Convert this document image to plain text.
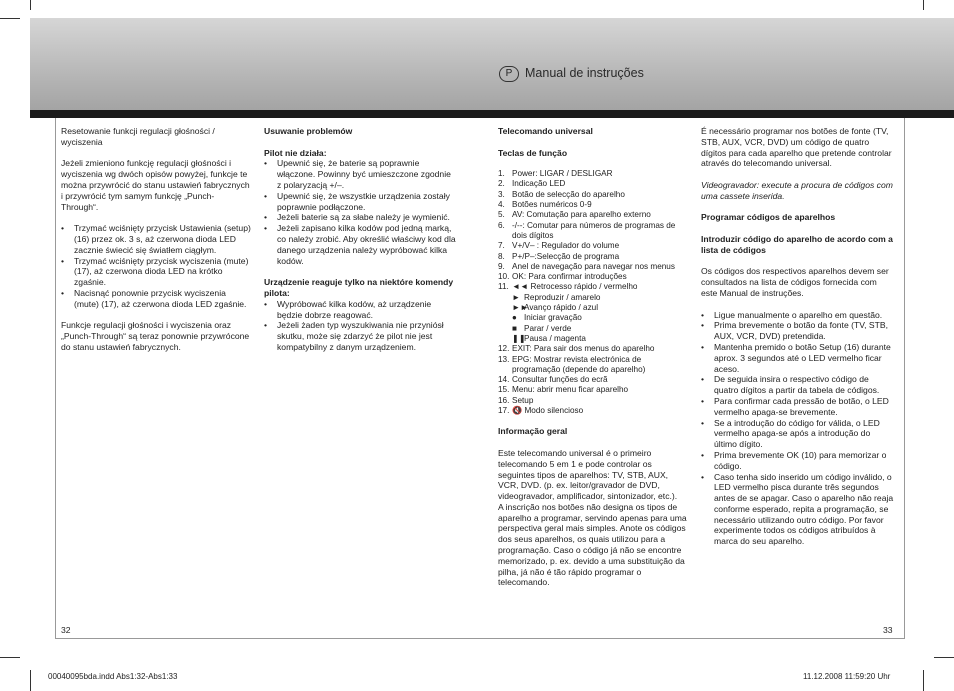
P	Manual de instruções

Resetowanie funkcji regulacji głośności / wyciszenia

Jeżeli zmieniono funkcję regulacji głośności i wyciszenia wg dwóch opisów powyżej, funkcje te można przywrócić do stanu ustawień fabrycznych i przywrócić tym samym funkcję „Punch-Through“.

• Trzymać wciśnięty przycisk Ustawienia (setup) (16) przez ok. 3 s, aż czerwona dioda LED zacznie świecić się światłem ciągłym.
• Trzymać wciśnięty przycisk wyciszenia (mute) (17), aż czerwona dioda LED na krótko zgaśnie.
• Nacisnąć ponownie przycisk wyciszenia (mute) (17), aż czerwona dioda LED zgaśnie.

Funkcje regulacji głośności i wyciszenia oraz „Punch-Through“ są teraz ponownie przywrócone do stanu ustawień fabrycznych.

Usuwanie problemów

Pilot nie działa:

• Upewnić się, że baterie są poprawnie włączone. Powinny być umieszczone zgodnie z polaryzacją +/–.
• Upewnić się, że wszystkie urządzenia zostały poprawnie podłączone.
• Jeżeli baterie są za słabe należy je wymienić.
• Jeżeli zapisano kilka kodów pod jedną marką, co należy zrobić. Aby określić właściwy kod dla danego urządzenia należy wypróbować kilka kodów.

Urządzenie reaguje tylko na niektóre komendy pilota:

• Wypróbować kilka kodów, aż urządzenie będzie dobrze reagować.
• Jeżeli żaden typ wyszukiwania nie przyniósł skutku, może się zdarzyć że pilot nie jest kompatybilny z danym urządzeniem.
32

Telecomando universal

Teclas de função

1. Power: LIGAR / DESLIGAR
2. Indicação LED
3. Botão de selecção do aparelho
4. Botões numéricos 0-9
5. AV: Comutação para aparelho externo
6. -/--: Comutar para números de programas de dois dígitos
7. V+/V– : Regulador do volume
8. P+/P–:Selecção de programa
9. Anel de navegação para navegar nos menus
10. OK: Para confirmar introduções
11. ◄◄ Retrocesso rápido / vermelho
► Reproduzir / amarelo
►►Avanço rápido / azul
● Iniciar gravação
■ Parar / verde
❚❚Pausa / magenta
12. EXIT: Para sair dos menus do aparelho
13. EPG: Mostrar revista electrónica de programação (depende do aparelho)
14. Consultar funções do ecrã
15. Menu: abrir menu ficar aparelho
16. Setup
17. 🔇 Modo silencioso

Informação geral

Este telecomando universal é o primeiro telecomando 5 em 1 e pode controlar os seguintes tipos de aparelhos: TV, STB, AUX, VCR, DVD. (p. ex. leitor/gravador de DVD, videogravador, amplificador, sintonizador, etc.).

A inscrição nos botões não designa os tipos de aparelho a programar, servindo apenas para uma perspectiva geral mais simples. Anote os códigos dos seus aparelhos, os quais utilizou para a programação. Caso o código já não se encontre memorizado, p. ex. devido a uma substituição da pilha, já não é tão rápido programar o telecomando.

É necessário programar nos botões de fonte (TV, STB, AUX, VCR, DVD) um código de quatro dígitos para cada aparelho que pretende controlar através do telecomando universal.

Videogravador: execute a procura de códigos com uma cassete inserida.

Programar códigos de aparelhos

Introduzir código do aparelho de acordo com a lista de códigos

Os códigos dos respectivos aparelhos devem ser consultados na lista de códigos fornecida com este Manual de instruções.

• Ligue manualmente o aparelho em questão.
• Prima brevemente o botão da fonte (TV, STB, AUX, VCR, DVD) pretendida.
• Mantenha premido o botão Setup (16) durante aprox. 3 segundos até o LED vermelho ficar aceso.
• De seguida insira o respectivo código de quatro dígitos a partir da tabela de códigos.
• Para confirmar cada pressão de botão, o LED vermelho apaga-se brevemente.
• Se a introdução do código for válida, o LED vermelho apaga-se após a introdução do último dígito.
• Prima brevemente OK (10) para memorizar o código.
• Caso tenha sido inserido um código inválido, o LED vermelho pisca durante três segundos antes de se apagar. Caso o aparelho não reaja conforme esperado, repita a programação, se necessário utilizando outro código. Por favor experimente todos os códigos atribuídos à marca do seu aparelho.
33
00040095bda.indd Abs1:32-Abs1:33	11.12.2008 11:59:20 Uhr
